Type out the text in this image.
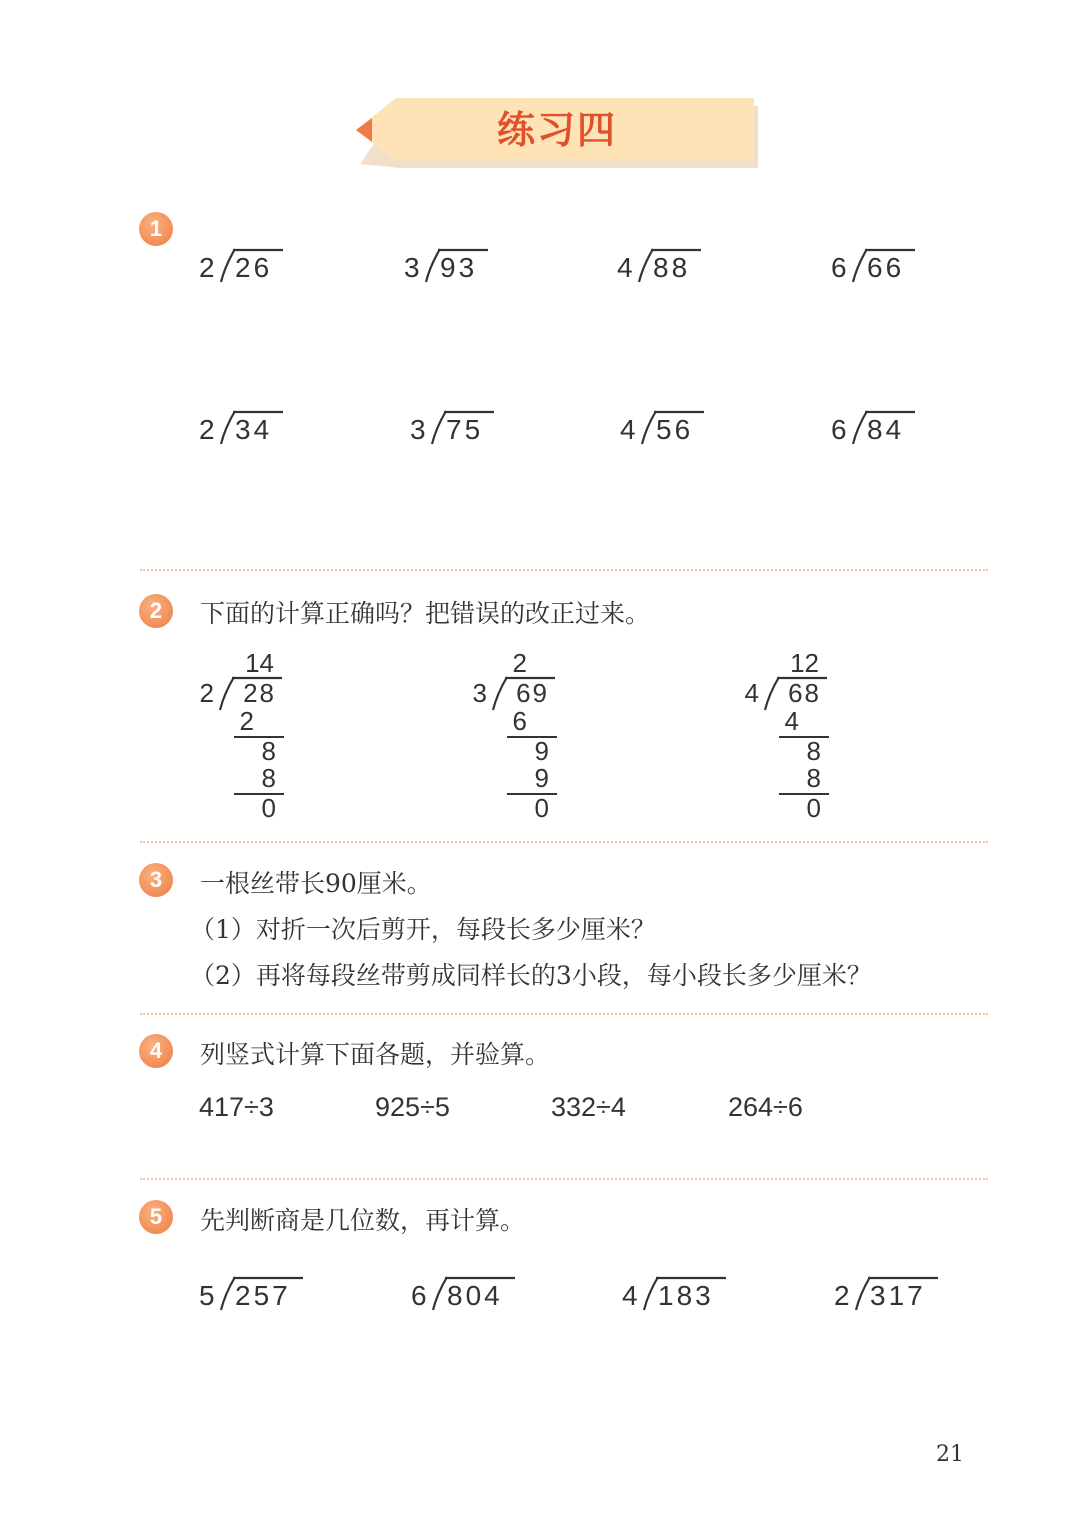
练习四
1
2 26	3 93	4 88	6 66
2 34	3 75	4 56	6 84
2	下面的计算正确吗？把错误的改正过来。
14
2	28
2
8
8
0
2
3	69
6
9
9
0
12
4	68
4
8
8
0
3	一根丝带长90厘米。
（1）对折一次后剪开，每段长多少厘米？
（2）再将每段丝带剪成同样长的3小段，每小段长多少厘米？
4	列竖式计算下面各题，并验算。
417÷3	925÷5	332÷4	264÷6
5	先判断商是几位数，再计算。
5 257	6 804	4 183	2 317
21
